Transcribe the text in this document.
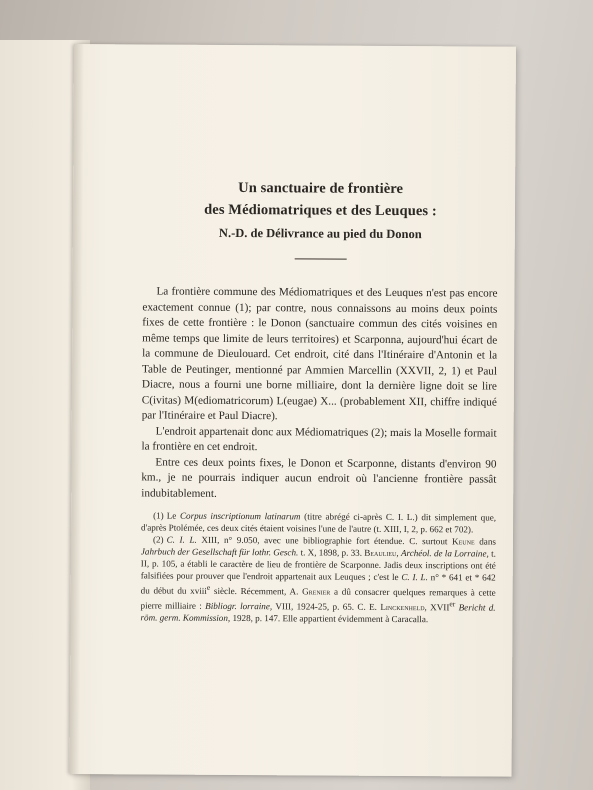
Un sanctuaire de frontière
des Médiomatriques et des Leuques :
N.-D. de Délivrance au pied du Donon

La frontière commune des Médiomatriques et des Leuques n'est pas encore exactement connue (1); par contre, nous connaissons au moins deux points fixes de cette frontière : le Donon (sanctuaire commun des cités voisines en même temps que limite de leurs territoires) et Scarponna, aujourd'hui écart de la commune de Dieulouard. Cet endroit, cité dans l'Itinéraire d'Antonin et la Table de Peutinger, mentionné par Ammien Marcellin (XXVII, 2, 1) et Paul Diacre, nous a fourni une borne milliaire, dont la dernière ligne doit se lire C(ivitas) M(ediomatricorum) L(eugae) X... (probablement XII, chiffre indiqué par l'Itinéraire et Paul Diacre).

L'endroit appartenait donc aux Médiomatriques (2); mais la Moselle formait la frontière en cet endroit.

Entre ces deux points fixes, le Donon et Scarponne, distants d'environ 90 km., je ne pourrais indiquer aucun endroit où l'ancienne frontière passât indubitablement.

(1) Le Corpus inscriptionum latinarum (titre abrégé ci-après C. I. L.) dit simplement que, d'après Ptolémée, ces deux cités étaient voisines l'une de l'autre (t. XIII, I, 2, p. 662 et 702).

(2) C. I. L. XIII, n° 9.050, avec une bibliographie fort étendue. C. surtout Keune dans Jahrbuch der Gesellschaft für lothr. Gesch. t. X, 1898, p. 33. Beaulieu, Archéol. de la Lorraine, t. II, p. 105, a établi le caractère de lieu de frontière de Scarponne. Jadis deux inscriptions ont été falsifiées pour prouver que l'endroit appartenait aux Leuques ; c'est le C. I. L. n° * 641 et * 642 du début du xviii$^e$ siècle. Récemment, A. Grenier a dû consacrer quelques remarques à cette pierre milliaire : Bibliogr. lorraine, VIII, 1924-25, p. 65. C. E. Linckenheld, XVIIer Bericht d. röm. germ. Kommission, 1928, p. 147. Elle appartient évidemment à Caracalla.
